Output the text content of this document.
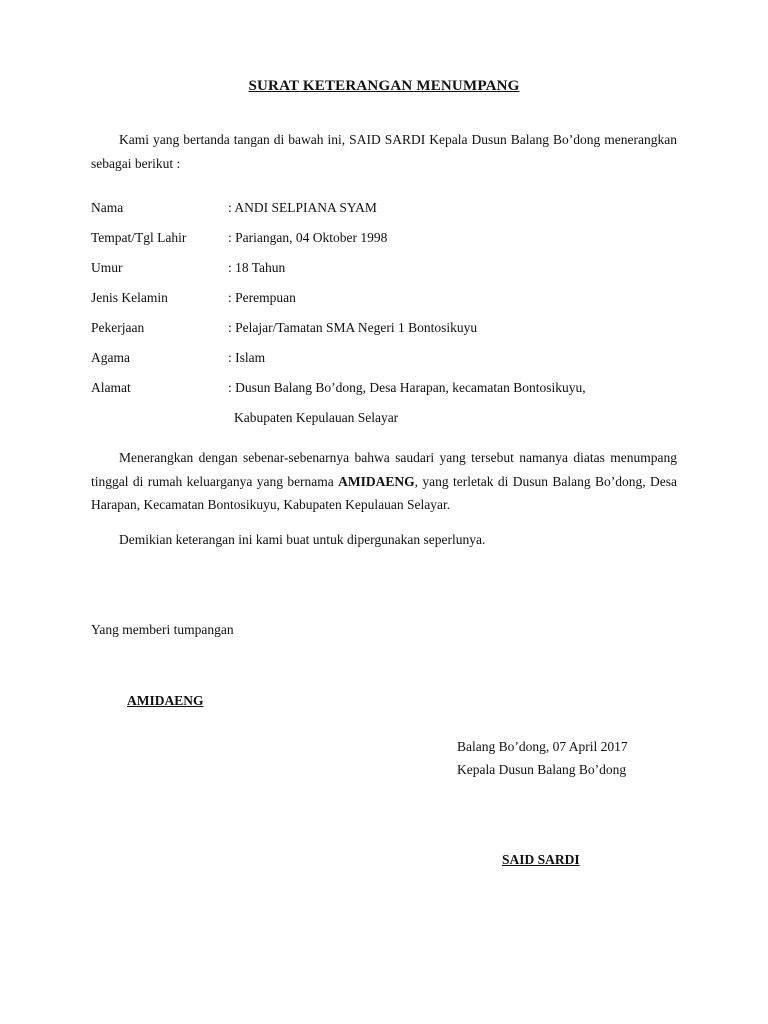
SURAT KETERANGAN MENUMPANG
Kami yang bertanda tangan di bawah ini, SAID SARDI Kepala Dusun Balang Bo’dong menerangkan sebagai berikut :
Nama	: ANDI SELPIANA SYAM
Tempat/Tgl Lahir	: Pariangan, 04 Oktober 1998
Umur	: 18 Tahun
Jenis Kelamin	: Perempuan
Pekerjaan	: Pelajar/Tamatan SMA Negeri 1 Bontosikuyu
Agama	: Islam
Alamat	: Dusun Balang Bo’dong, Desa Harapan, kecamatan Bontosikuyu,
Kabupaten Kepulauan Selayar
Menerangkan dengan sebenar-sebenarnya bahwa saudari yang tersebut namanya diatas menumpang tinggal di rumah keluarganya yang bernama AMIDAENG, yang terletak di Dusun Balang Bo’dong, Desa Harapan, Kecamatan Bontosikuyu, Kabupaten Kepulauan Selayar.
Demikian keterangan ini kami buat untuk dipergunakan seperlunya.
Yang memberi tumpangan
AMIDAENG
Balang Bo’dong, 07 April 2017
Kepala Dusun Balang Bo’dong
SAID SARDI
